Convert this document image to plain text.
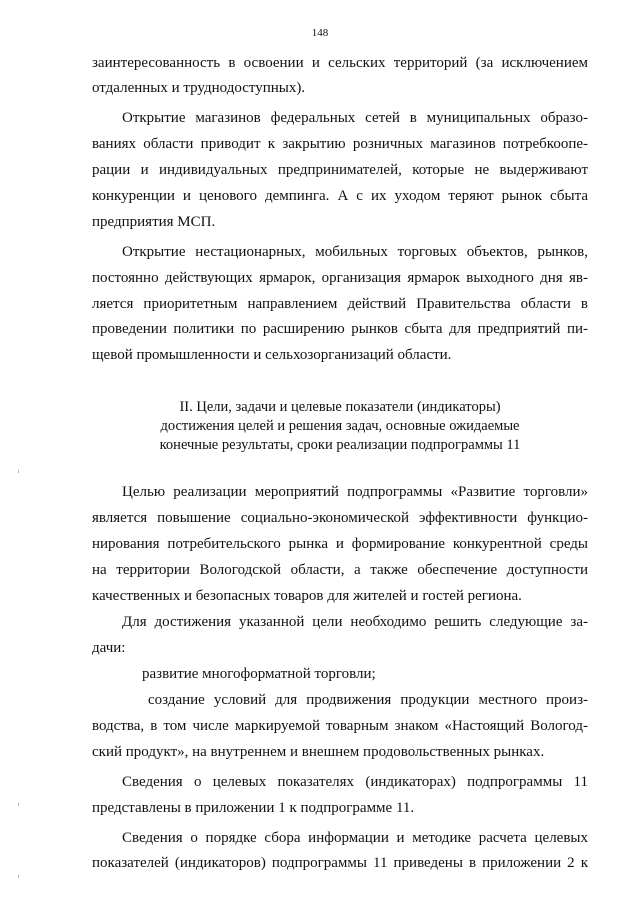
148

заинтересованность в освоении и сельских территорий (за исключением

отдаленных и труднодоступных).

Открытие магазинов федеральных сетей в муниципальных образо-

ваниях области приводит к закрытию розничных магазинов потребкоопе-

рации и индивидуальных предпринимателей, которые не выдерживают

конкуренции и ценового демпинга. А с их уходом теряют рынок сбыта

предприятия МСП.

Открытие нестационарных, мобильных торговых объектов, рынков,

постоянно действующих ярмарок, организация ярмарок выходного дня яв-

ляется приоритетным направлением действий Правительства области в

проведении политики по расширению рынков сбыта для предприятий пи-

щевой промышленности и сельхозорганизаций области.

II. Цели, задачи и целевые показатели (индикаторы)

достижения целей и решения задач, основные ожидаемые

конечные результаты, сроки реализации подпрограммы 11

Целью реализации мероприятий подпрограммы «Развитие торговли»

является повышение социально-экономической эффективности функцио-

нирования потребительского рынка и формирование конкурентной среды

на территории Вологодской области, а также обеспечение доступности

качественных и безопасных товаров для жителей и гостей региона.

Для достижения указанной цели необходимо решить следующие за-

дачи:

развитие многоформатной торговли;

создание условий для продвижения продукции местного произ-

водства, в том числе маркируемой товарным знаком «Настоящий Вологод-

ский продукт», на внутреннем и внешнем продовольственных рынках.

Сведения о целевых показателях (индикаторах) подпрограммы 11

представлены в приложении 1 к подпрограмме 11.

Сведения о порядке сбора информации и методике расчета целевых

показателей (индикаторов) подпрограммы 11 приведены в приложении 2 к
